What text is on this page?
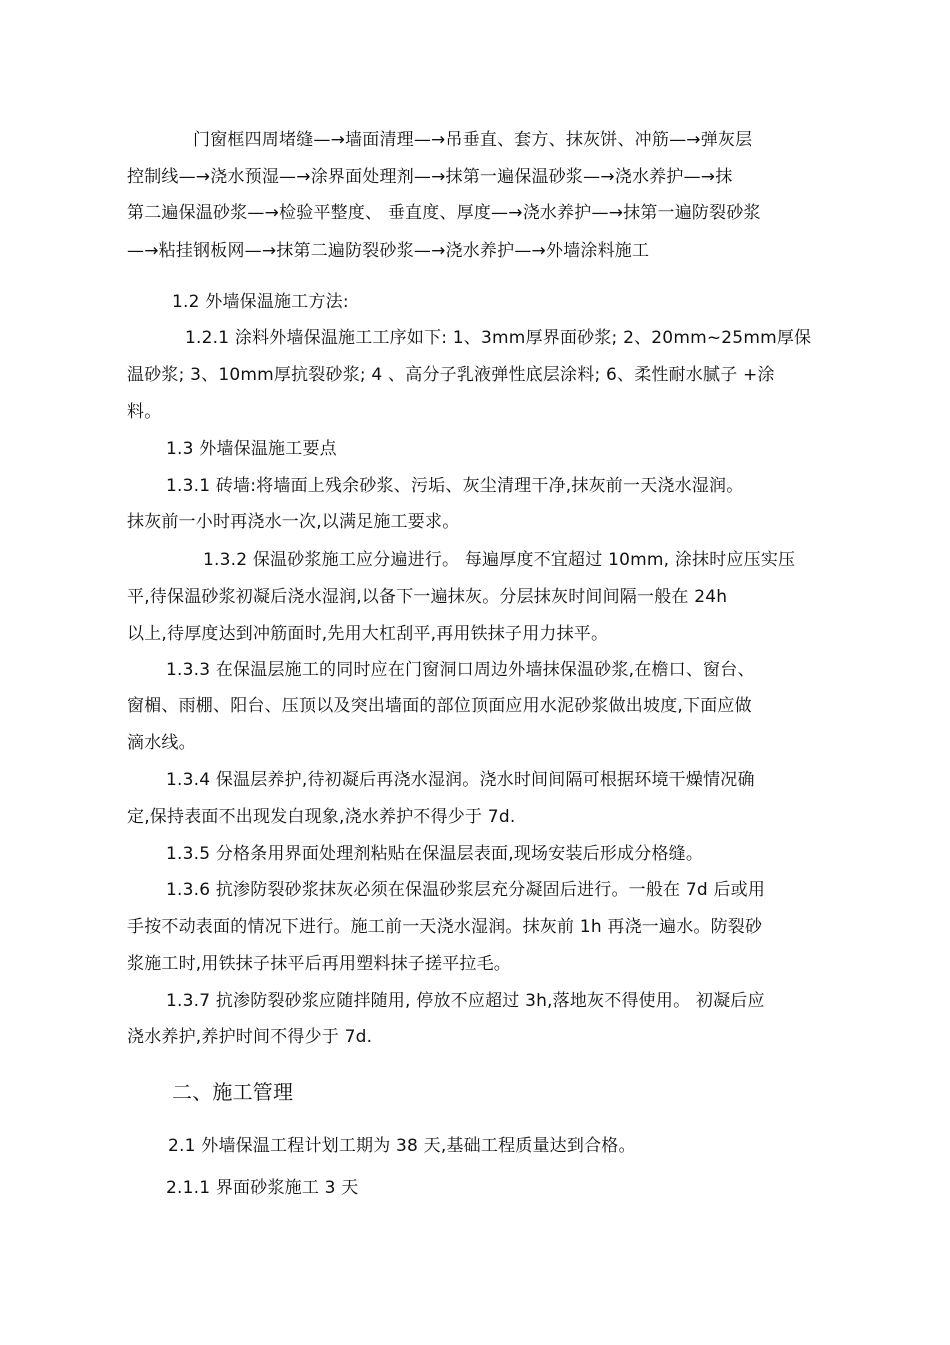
门窗框四周堵缝—→墙面清理—→吊垂直、套方、抹灰饼、冲筋—→弹灰层
控制线—→浇水预湿—→涂界面处理剂—→抹第一遍保温砂浆—→浇水养护—→抹
第二遍保温砂浆—→检验平整度、 垂直度、厚度—→浇水养护—→抹第一遍防裂砂浆
—→粘挂钢板网—→抹第二遍防裂砂浆—→浇水养护—→外墙涂料施工
1.2 外墙保温施工方法:
1.2.1 涂料外墙保温施工工序如下: 1、3mm厚界面砂浆; 2、20mm~25mm厚保
温砂浆; 3、10mm厚抗裂砂浆; 4 、高分子乳液弹性底层涂料; 6、柔性耐水腻子 +涂
料。
1.3 外墙保温施工要点
1.3.1 砖墙:将墙面上残余砂浆、污垢、灰尘清理干净,抹灰前一天浇水湿润。
抹灰前一小时再浇水一次,以满足施工要求。
1.3.2 保温砂浆施工应分遍进行。 每遍厚度不宜超过 10mm, 涂抹时应压实压
平,待保温砂浆初凝后浇水湿润,以备下一遍抹灰。分层抹灰时间间隔一般在 24h
以上,待厚度达到冲筋面时,先用大杠刮平,再用铁抹子用力抹平。
1.3.3 在保温层施工的同时应在门窗洞口周边外墙抹保温砂浆,在檐口、窗台、
窗楣、雨棚、阳台、压顶以及突出墙面的部位顶面应用水泥砂浆做出坡度,下面应做
滴水线。
1.3.4 保温层养护,待初凝后再浇水湿润。浇水时间间隔可根据环境干燥情况确
定,保持表面不出现发白现象,浇水养护不得少于 7d.
1.3.5 分格条用界面处理剂粘贴在保温层表面,现场安装后形成分格缝。
1.3.6 抗渗防裂砂浆抹灰必须在保温砂浆层充分凝固后进行。一般在 7d 后或用
手按不动表面的情况下进行。施工前一天浇水湿润。抹灰前 1h 再浇一遍水。防裂砂
浆施工时,用铁抹子抹平后再用塑料抹子搓平拉毛。
1.3.7 抗渗防裂砂浆应随拌随用, 停放不应超过 3h,落地灰不得使用。 初凝后应
浇水养护,养护时间不得少于 7d.
二、施工管理
2.1 外墙保温工程计划工期为 38 天,基础工程质量达到合格。
2.1.1 界面砂浆施工 3 天
